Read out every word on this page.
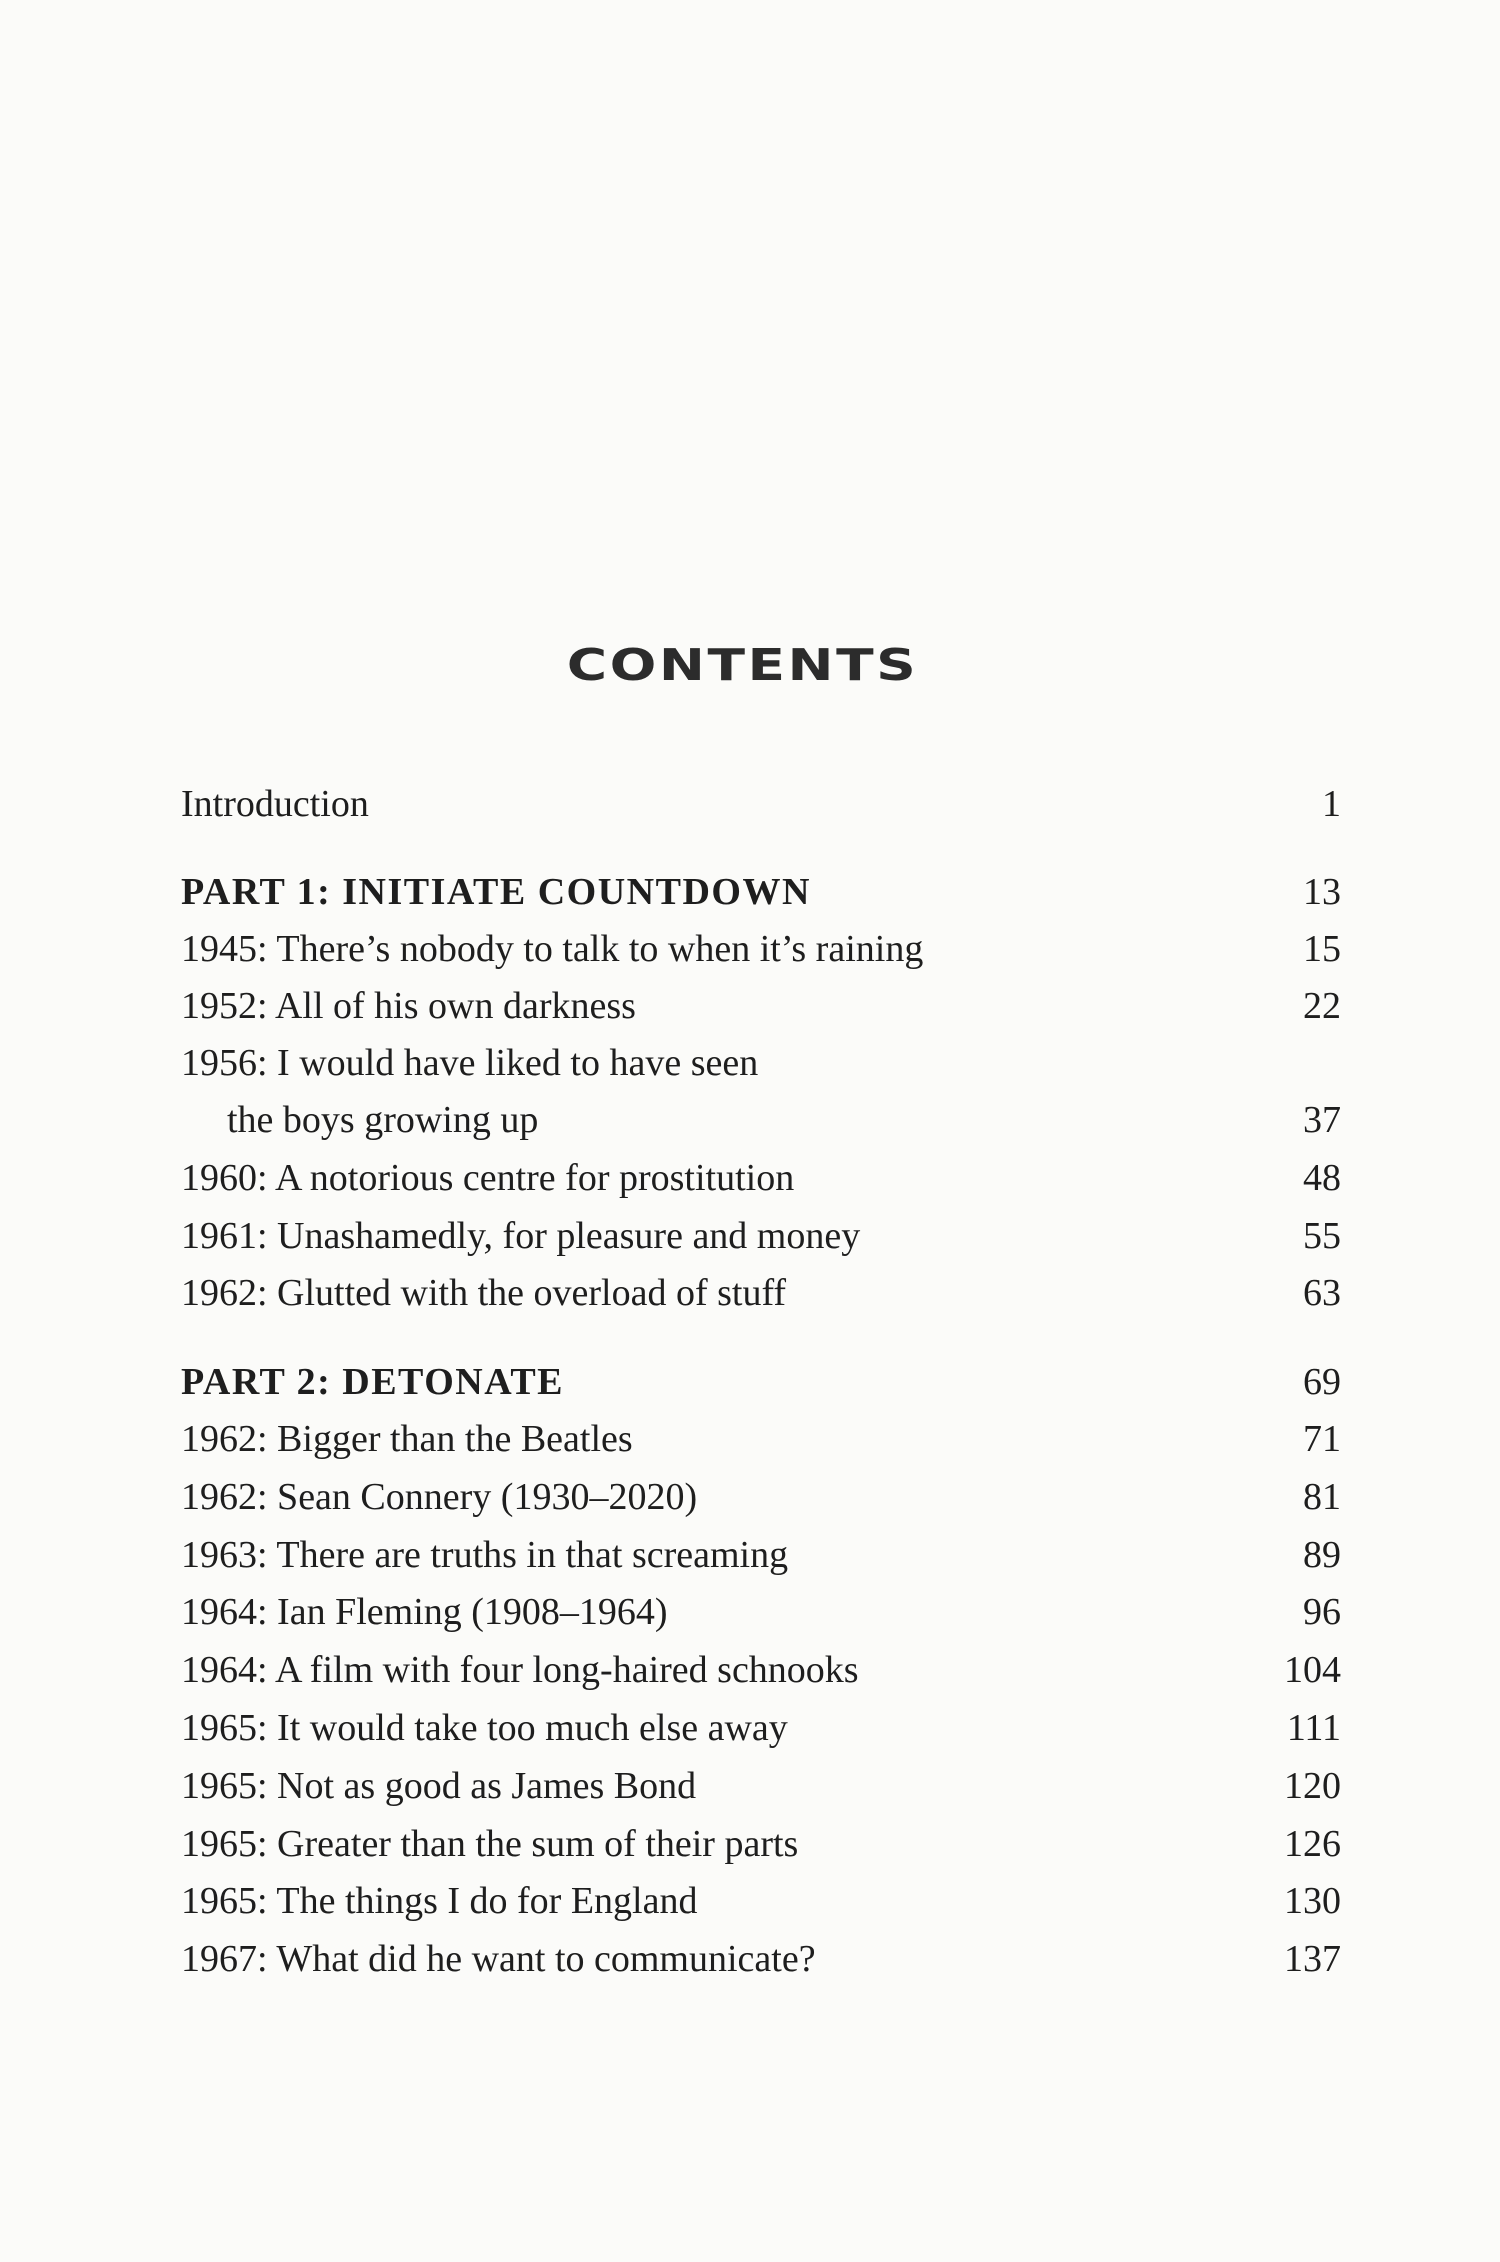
CONTENTS
Introduction	1
PART 1: INITIATE COUNTDOWN	13
1945: There’s nobody to talk to when it’s raining	15
1952: All of his own darkness	22
1956: I would have liked to have seen
the boys growing up	37
1960: A notorious centre for prostitution	48
1961: Unashamedly, for pleasure and money	55
1962: Glutted with the overload of stuff	63
PART 2: DETONATE	69
1962: Bigger than the Beatles	71
1962: Sean Connery (1930–2020)	81
1963: There are truths in that screaming	89
1964: Ian Fleming (1908–1964)	96
1964: A film with four long-haired schnooks	104
1965: It would take too much else away	111
1965: Not as good as James Bond	120
1965: Greater than the sum of their parts	126
1965: The things I do for England	130
1967: What did he want to communicate?	137
